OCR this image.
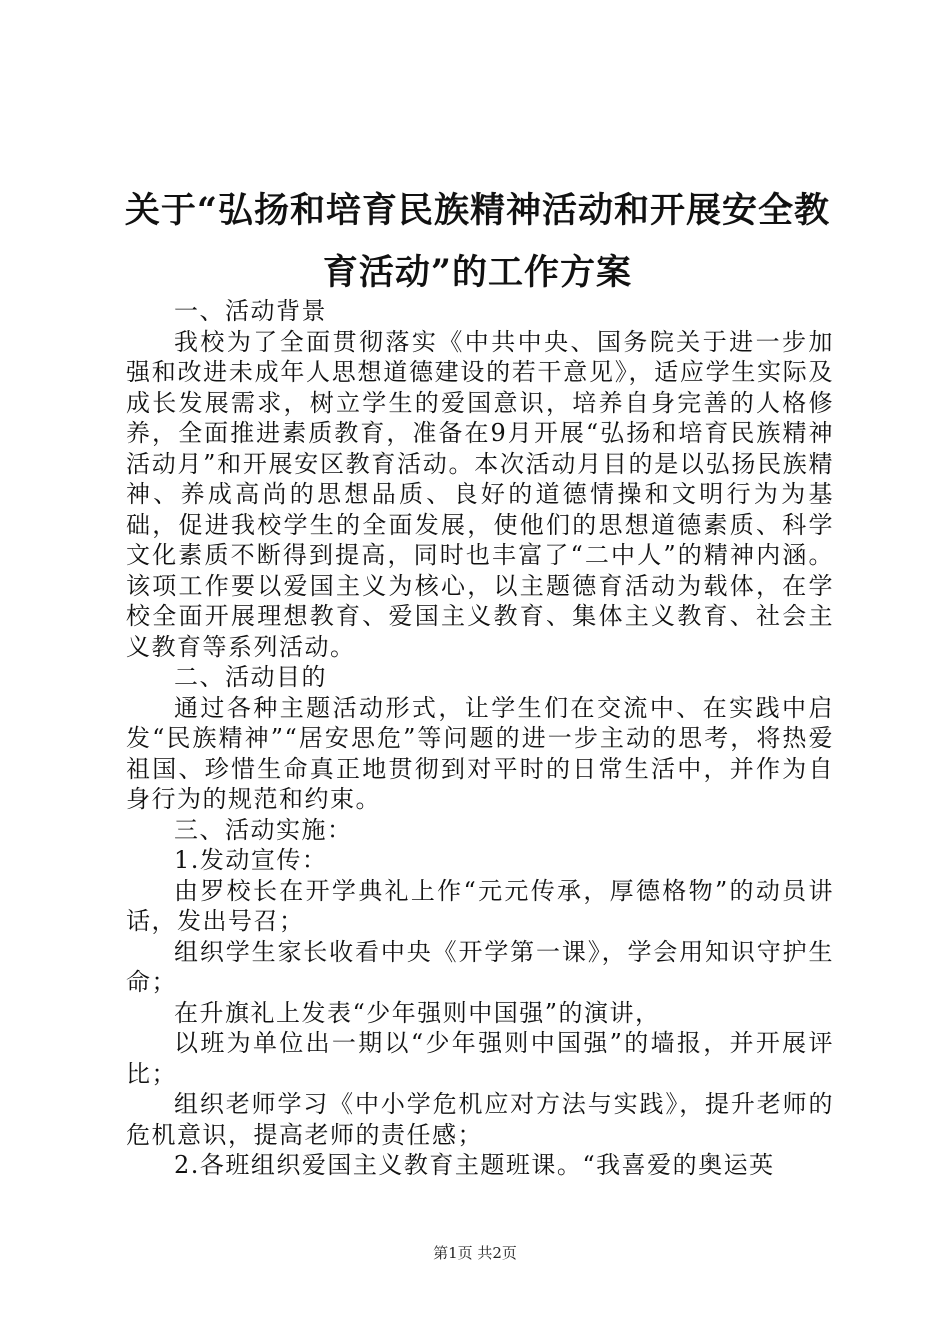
关于“弘扬和培育民族精神活动和开展安全教
育活动”的工作方案

一、活动背景

我校为了全面贯彻落实《中共中央、国务院关于进一步加强和改进未成年人思想道德建设的若干意见》，适应学生实际及成长发展需求，树立学生的爱国意识，培养自身完善的人格修养，全面推进素质教育，准备在9月开展“弘扬和培育民族精神活动月”和开展安区教育活动。本次活动月目的是以弘扬民族精神、养成高尚的思想品质、良好的道德情操和文明行为为基础，促进我校学生的全面发展，使他们的思想道德素质、科学文化素质不断得到提高，同时也丰富了“二中人”的精神内涵。该项工作要以爱国主义为核心，以主题德育活动为载体，在学校全面开展理想教育、爱国主义教育、集体主义教育、社会主义教育等系列活动。

二、活动目的

通过各种主题活动形式，让学生们在交流中、在实践中启发“民族精神”“居安思危”等问题的进一步主动的思考，将热爱祖国、珍惜生命真正地贯彻到对平时的日常生活中，并作为自身行为的规范和约束。

三、活动实施：

1.发动宣传：

由罗校长在开学典礼上作“元元传承，厚德格物”的动员讲话，发出号召；

组织学生家长收看中央《开学第一课》，学会用知识守护生命；

在升旗礼上发表“少年强则中国强”的演讲，

以班为单位出一期以“少年强则中国强”的墙报，并开展评比；

组织老师学习《中小学危机应对方法与实践》，提升老师的危机意识，提高老师的责任感；

2.各班组织爱国主义教育主题班课。“我喜爱的奥运英

第1页 共2页
